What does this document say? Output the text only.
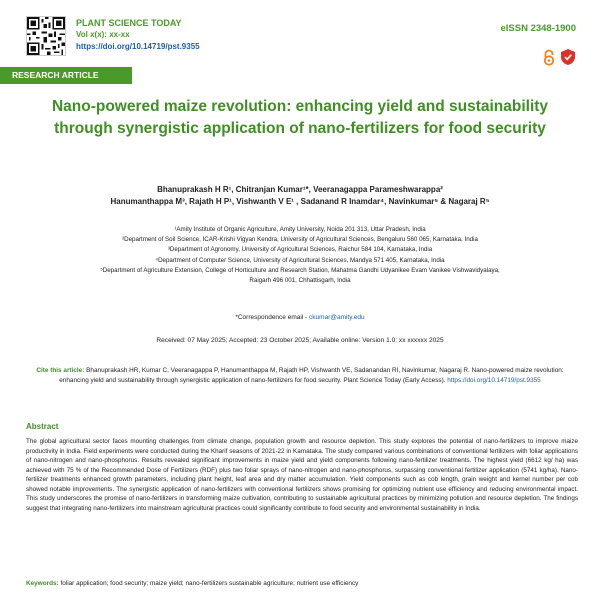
PLANT SCIENCE TODAY
Vol x(x): xx-xx
https://doi.org/10.14719/pst.9355
eISSN 2348-1900
RESEARCH ARTICLE
Nano-powered maize revolution: enhancing yield and sustainability through synergistic application of nano-fertilizers for food security
Bhanuprakash H R¹, Chitranjan Kumar¹*, Veeranagappa Parameshwarappa²
Hanumanthappa M³, Rajath H P¹, Vishwanth V E¹ , Sadanand R Inamdar⁴, Navinkumar⁵ & Nagaraj R⁵
¹Amity Institute of Organic Agriculture, Amity University, Noida 201 313, Uttar Pradesh, India
²Department of Soil Science, ICAR-Krishi Vigyan Kendra, University of Agricultural Sciences, Bengaluru 560 065, Karnataka, India
³Department of Agronomy, University of Agricultural Sciences, Raichur 584 104, Karnataka, India
⁴Department of Computer Science, University of Agricultural Sciences, Mandya 571 405, Karnataka, India
⁵Department of Agriculture Extension, College of Horticulture and Research Station, Mahatma Gandhi Udyanikee Evam Vanikee Vishwavidyalaya,
Raigarh 496 001, Chhattisgarh, India
*Correspondence email - ckumar@amity.edu
Received: 07 May 2025; Accepted: 23 October 2025; Available online: Version 1.0: xx xxxxxx 2025
Cite this article: Bhanuprakash HR, Kumar C, Veeranagappa P, Hanumanthappa M, Rajath HP, Vishwanth VE, Sadanandan RI, Navinkumar, Nagaraj R. Nano-powered maize revolution: enhancing yield and sustainability through synergistic application of nano-fertilizers for food security. Plant Science Today (Early Access). https://doi.org/10.14719/pst.9355
Abstract

The global agricultural sector faces mounting challenges from climate change, population growth and resource depletion. This study explores the potential of nano-fertilizers to improve maize productivity in India. Field experiments were conducted during the Kharif seasons of 2021-22 in Karnataka. The study compared various combinations of conventional fertilizers with foliar applications of nano-nitrogen and nano-phosphorus. Results revealed significant improvements in maize yield and yield components following nano-fertilizer treatments. The highest yield (6612 kg/ ha) was achieved with 75 % of the Recommended Dose of Fertilizers (RDF) plus two foliar sprays of nano-nitrogen and nano-phosphorus, surpassing conventional fertilizer application (5741 kg/ha). Nano-fertilizer treatments enhanced growth parameters, including plant height, leaf area and dry matter accumulation. Yield components such as cob length, grain weight and kernel number per cob showed notable improvements. The synergistic application of nano-fertilizers with conventional fertilizers shows promising for optimizing nutrient use efficiency and reducing environmental impact. This study underscores the promise of nano-fertilizers in transforming maize cultivation, contributing to sustainable agricultural practices by minimizing pollution and resource depletion. The findings suggest that integrating nano-fertilizers into mainstream agricultural practices could significantly contribute to food security and environmental sustainability in India.

Keywords: foliar application; food security; maize yield; nano-fertilizers sustainable agriculture; nutrient use efficiency
